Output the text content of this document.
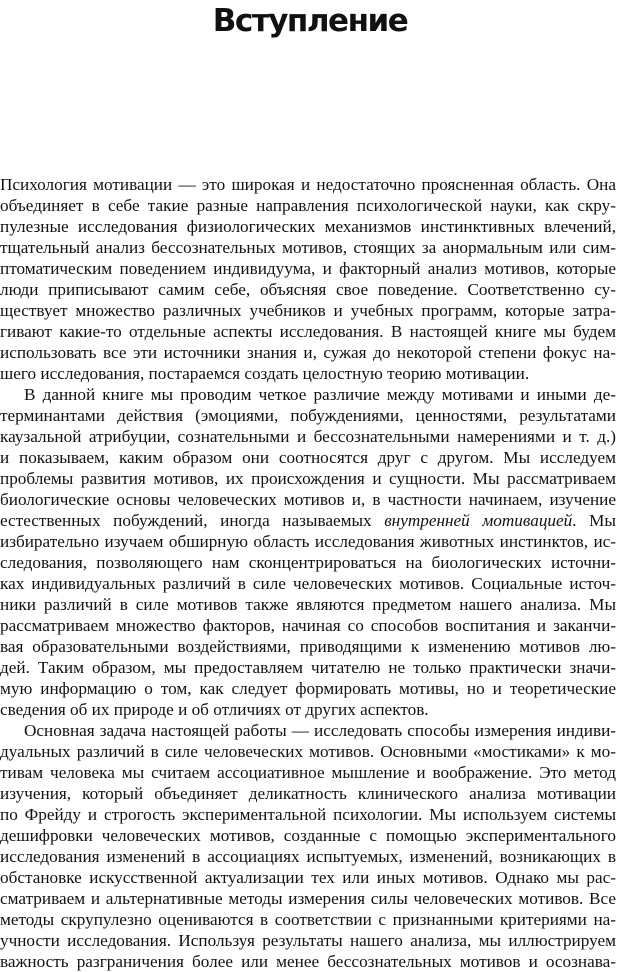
Вступление
Психология мотивации — это широкая и недостаточно проясненная область. Она
объединяет в себе такие разные направления психологической науки, как скру-
пулезные исследования физиологических механизмов инстинктивных влечений,
тщательный анализ бессознательных мотивов, стоящих за анормальным или сим-
птоматическим поведением индивидуума, и факторный анализ мотивов, которые
люди приписывают самим себе, объясняя свое поведение. Соответственно су-
ществует множество различных учебников и учебных программ, которые затра-
гивают какие-то отдельные аспекты исследования. В настоящей книге мы будем
использовать все эти источники знания и, сужая до некоторой степени фокус на-
шего исследования, постараемся создать целостную теорию мотивации.
В данной книге мы проводим четкое различие между мотивами и иными де-
терминантами действия (эмоциями, побуждениями, ценностями, результатами
каузальной атрибуции, сознательными и бессознательными намерениями и т. д.)
и показываем, каким образом они соотносятся друг с другом. Мы исследуем
проблемы развития мотивов, их происхождения и сущности. Мы рассматриваем
биологические основы человеческих мотивов и, в частности начинаем, изучение
естественных побуждений, иногда называемых внутренней мотивацией. Мы
избирательно изучаем обширную область исследования животных инстинктов, ис-
следования, позволяющего нам сконцентрироваться на биологических источни-
ках индивидуальных различий в силе человеческих мотивов. Социальные источ-
ники различий в силе мотивов также являются предметом нашего анализа. Мы
рассматриваем множество факторов, начиная со способов воспитания и заканчи-
вая образовательными воздействиями, приводящими к изменению мотивов лю-
дей. Таким образом, мы предоставляем читателю не только практически значи-
мую информацию о том, как следует формировать мотивы, но и теоретические
сведения об их природе и об отличиях от других аспектов.
Основная задача настоящей работы — исследовать способы измерения индиви-
дуальных различий в силе человеческих мотивов. Основными «мостиками» к мо-
тивам человека мы считаем ассоциативное мышление и воображение. Это метод
изучения, который объединяет деликатность клинического анализа мотивации
по Фрейду и строгость экспериментальной психологии. Мы используем системы
дешифровки человеческих мотивов, созданные с помощью экспериментального
исследования изменений в ассоциациях испытуемых, изменений, возникающих в
обстановке искусственной актуализации тех или иных мотивов. Однако мы рас-
сматриваем и альтернативные методы измерения силы человеческих мотивов. Все
методы скрупулезно оцениваются в соответствии с признанными критериями на-
учности исследования. Используя результаты нашего анализа, мы иллюстрируем
важность разграничения более или менее бессознательных мотивов и осознава-
